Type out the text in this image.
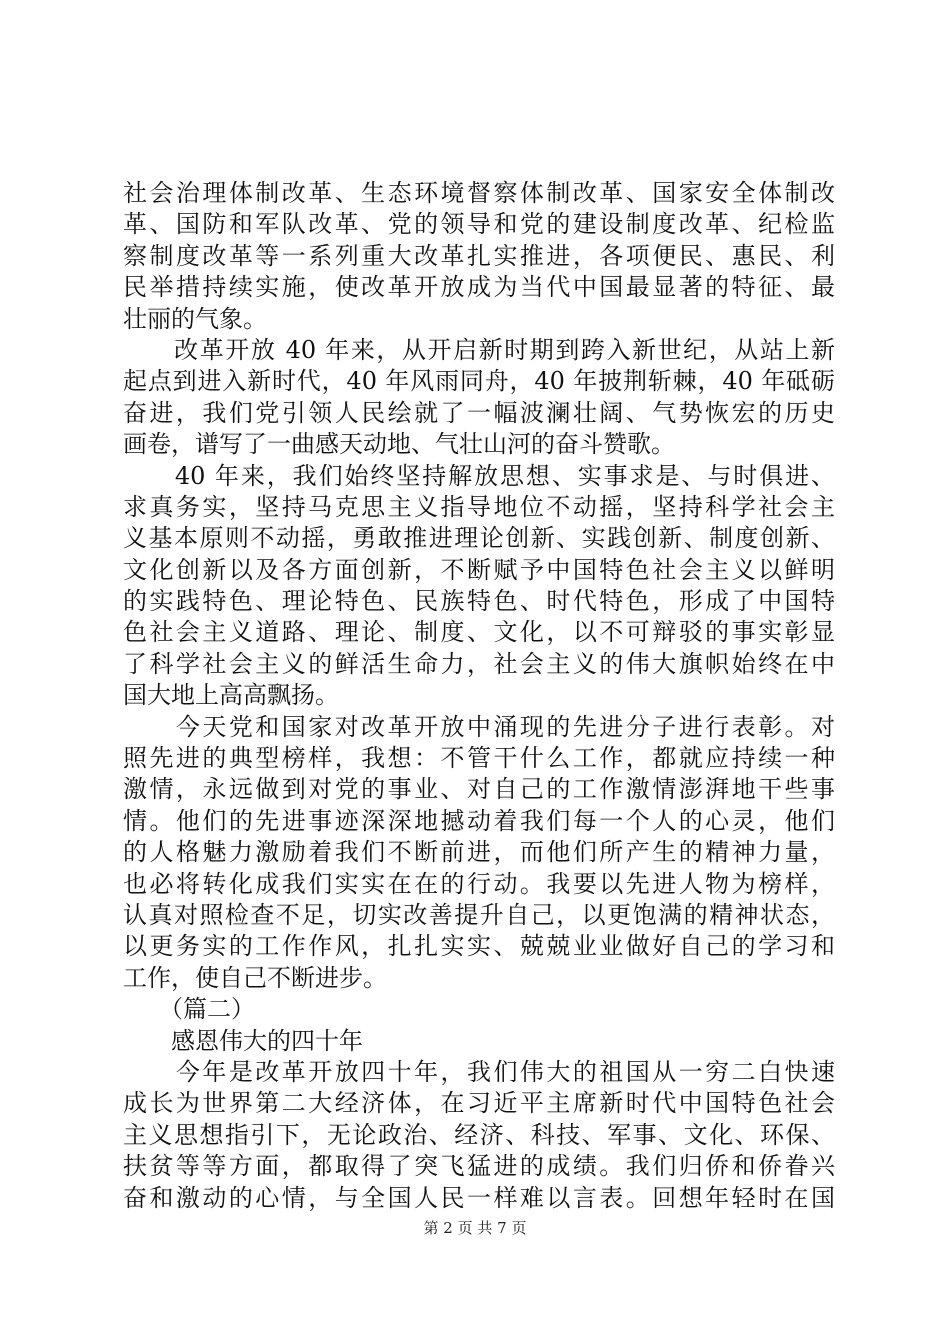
社会治理体制改革、生态环境督察体制改革、国家安全体制改
革、国防和军队改革、党的领导和党的建设制度改革、纪检监
察制度改革等一系列重大改革扎实推进，各项便民、惠民、利
民举措持续实施，使改革开放成为当代中国最显著的特征、最
壮丽的气象。
　　改革开放 40 年来，从开启新时期到跨入新世纪，从站上新
起点到进入新时代，40 年风雨同舟，40 年披荆斩棘，40 年砥砺
奋进，我们党引领人民绘就了一幅波澜壮阔、气势恢宏的历史
画卷，谱写了一曲感天动地、气壮山河的奋斗赞歌。
　　40 年来，我们始终坚持解放思想、实事求是、与时俱进、
求真务实，坚持马克思主义指导地位不动摇，坚持科学社会主
义基本原则不动摇，勇敢推进理论创新、实践创新、制度创新、
文化创新以及各方面创新，不断赋予中国特色社会主义以鲜明
的实践特色、理论特色、民族特色、时代特色，形成了中国特
色社会主义道路、理论、制度、文化，以不可辩驳的事实彰显
了科学社会主义的鲜活生命力，社会主义的伟大旗帜始终在中
国大地上高高飘扬。
　　今天党和国家对改革开放中涌现的先进分子进行表彰。对
照先进的典型榜样，我想：不管干什么工作，都就应持续一种
激情，永远做到对党的事业、对自己的工作激情澎湃地干些事
情。他们的先进事迹深深地撼动着我们每一个人的心灵，他们
的人格魅力激励着我们不断前进，而他们所产生的精神力量，
也必将转化成我们实实在在的行动。我要以先进人物为榜样，
认真对照检查不足，切实改善提升自己，以更饱满的精神状态，
以更务实的工作作风，扎扎实实、兢兢业业做好自己的学习和
工作，使自己不断进步。
　　（篇二）
　　感恩伟大的四十年
　　今年是改革开放四十年，我们伟大的祖国从一穷二白快速
成长为世界第二大经济体，在习近平主席新时代中国特色社会
主义思想指引下，无论政治、经济、科技、军事、文化、环保、
扶贫等等方面，都取得了突飞猛进的成绩。我们归侨和侨眷兴
奋和激动的心情，与全国人民一样难以言表。回想年轻时在国
第 2 页 共 7 页
